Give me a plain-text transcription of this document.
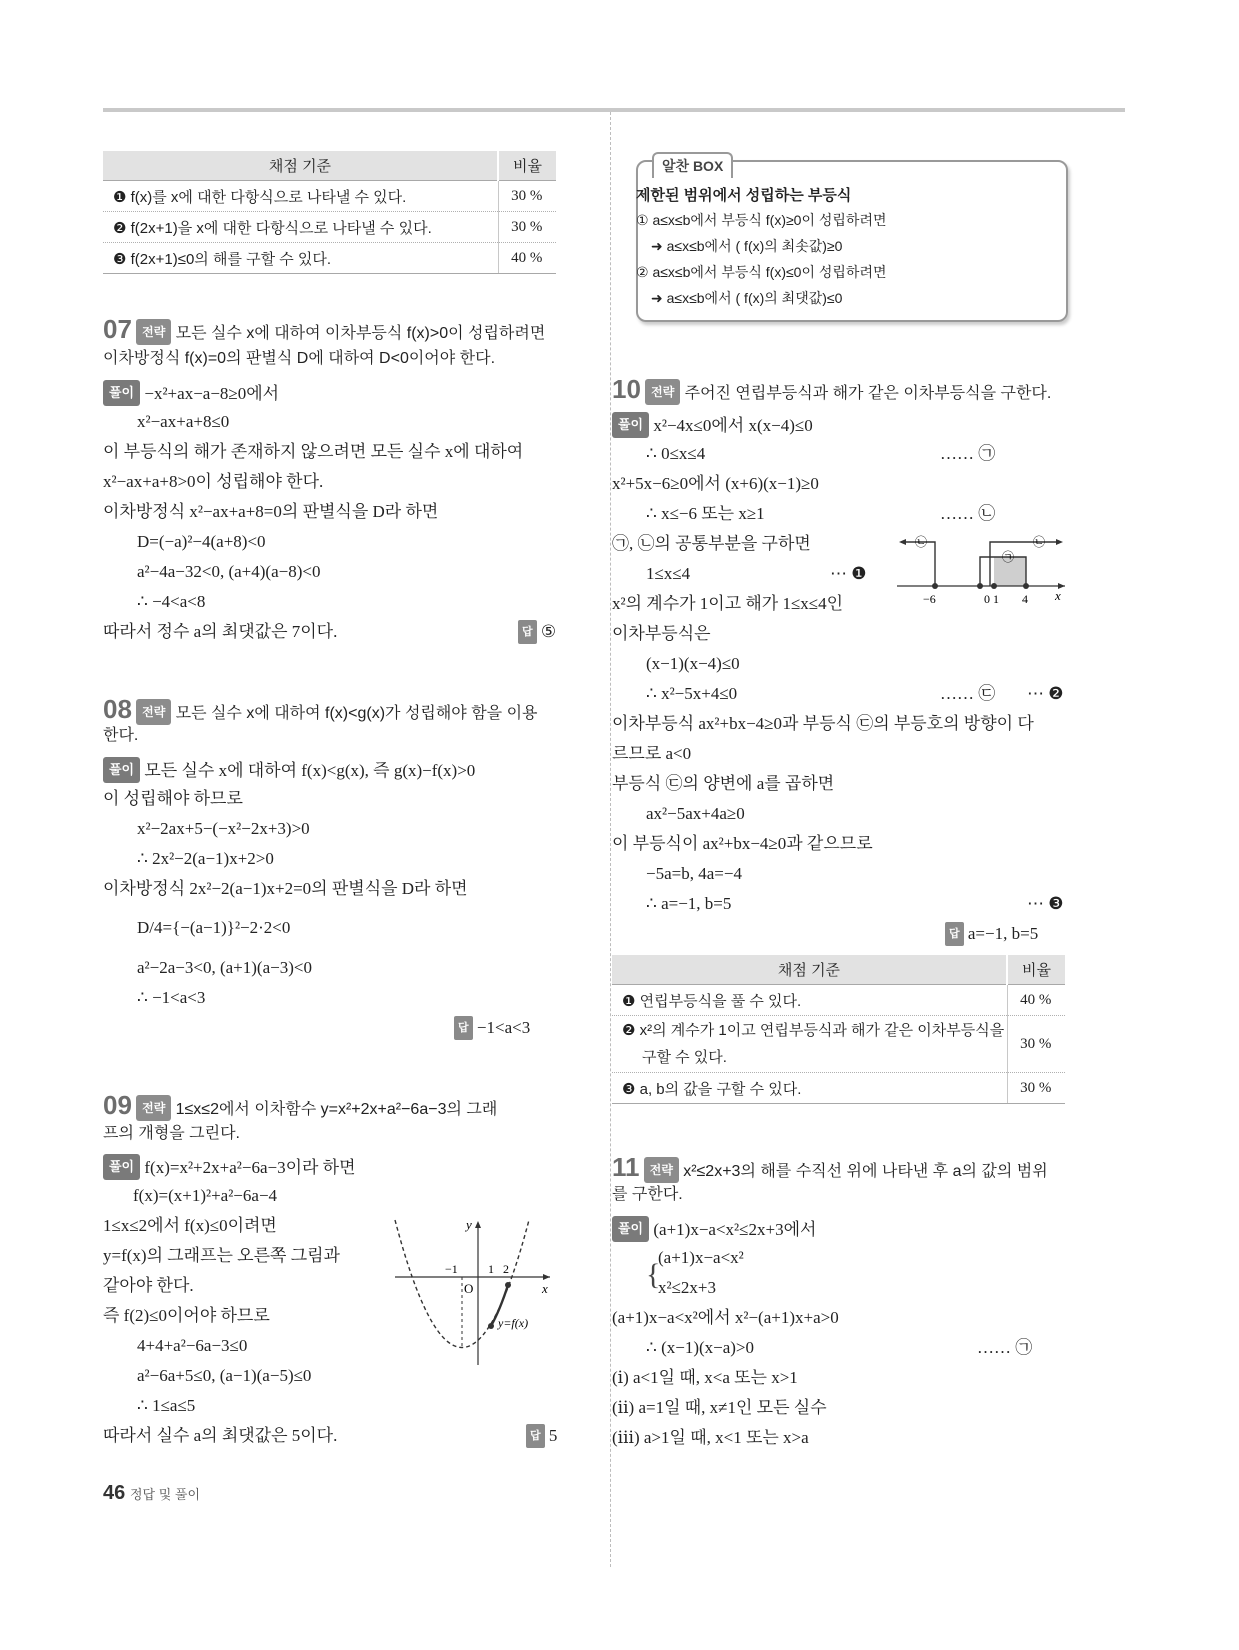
채점 기준	비율
❶ f(x)를 x에 대한 다항식으로 나타낼 수 있다.	30 %
❷ f(2x+1)을 x에 대한 다항식으로 나타낼 수 있다.	30 %
❸ f(2x+1)≤0의 해를 구할 수 있다.	40 %
07 전략 모든 실수 x에 대하여 이차부등식 f(x)>0이 성립하려면
이차방정식 f(x)=0의 판별식 D에 대하여 D<0이어야 한다.
풀이 −x²+ax−a−8≥0에서
x²−ax+a+8≤0
이 부등식의 해가 존재하지 않으려면 모든 실수 x에 대하여
x²−ax+a+8>0이 성립해야 한다.
이차방정식 x²−ax+a+8=0의 판별식을 D라 하면
D=(−a)²−4(a+8)<0
a²−4a−32<0, (a+4)(a−8)<0
∴ −4<a<8
따라서 정수 a의 최댓값은 7이다.	답 ⑤
08 전략 모든 실수 x에 대하여 f(x)<g(x)가 성립해야 함을 이용
한다.
풀이 모든 실수 x에 대하여 f(x)<g(x), 즉 g(x)−f(x)>0
이 성립해야 하므로
x²−2ax+5−(−x²−2x+3)>0
∴ 2x²−2(a−1)x+2>0
이차방정식 2x²−2(a−1)x+2=0의 판별식을 D라 하면
D/4={−(a−1)}²−2·2<0
a²−2a−3<0, (a+1)(a−3)<0
∴ −1<a<3
답 −1<a<3
09 전략 1≤x≤2에서 이차함수 y=x²+2x+a²−6a−3의 그래
프의 개형을 그린다.
풀이 f(x)=x²+2x+a²−6a−3이라 하면
f(x)=(x+1)²+a²−6a−4
1≤x≤2에서 f(x)≤0이려면
y=f(x)의 그래프는 오른쪽 그림과
같아야 한다.
즉 f(2)≤0이어야 하므로
4+4+a²−6a−3≤0
a²−6a+5≤0, (a−1)(a−5)≤0
∴ 1≤a≤5
따라서 실수 a의 최댓값은 5이다.	답 5
y
x
O
−1	1 2
y=f(x)
알찬 BOX
제한된 범위에서 성립하는 부등식
① a≤x≤b에서 부등식 f(x)≥0이 성립하려면
➜ a≤x≤b에서 ( f(x)의 최솟값)≥0
② a≤x≤b에서 부등식 f(x)≤0이 성립하려면
➜ a≤x≤b에서 ( f(x)의 최댓값)≤0
10 전략 주어진 연립부등식과 해가 같은 이차부등식을 구한다.
풀이 x²−4x≤0에서 x(x−4)≤0
∴ 0≤x≤4	…… ㉠
x²+5x−6≥0에서 (x+6)(x−1)≥0
∴ x≤−6 또는 x≥1	…… ㉡
㉠, ㉡의 공통부분을 구하면
1≤x≤4	⋯ ❶
x²의 계수가 1이고 해가 1≤x≤4인
이차부등식은
(x−1)(x−4)≤0
∴ x²−5x+4≤0	…… ㉢ ⋯ ❷
이차부등식 ax²+bx−4≥0과 부등식 ㉢의 부등호의 방향이 다
르므로 a<0
부등식 ㉢의 양변에 a를 곱하면
ax²−5ax+4a≥0
이 부등식이 ax²+bx−4≥0과 같으므로
−5a=b, 4a=−4
∴ a=−1, b=5	⋯ ❸
답 a=−1, b=5
㉡	㉡
㉠
−6	0 1 4 x
채점 기준	비율
❶ 연립부등식을 풀 수 있다.	40 %
❷ x²의 계수가 1이고 연립부등식과 해가 같은 이차부등식을
구할 수 있다.	30 %
❸ a, b의 값을 구할 수 있다.	30 %
11 전략 x²≤2x+3의 해를 수직선 위에 나타낸 후 a의 값의 범위
를 구한다.
풀이 (a+1)x−a<x²≤2x+3에서
{
(a+1)x−a<x²
x²≤2x+3
(a+1)x−a<x²에서 x²−(a+1)x+a>0
∴ (x−1)(x−a)>0	…… ㉠
(ⅰ) a<1일 때, x<a 또는 x>1
(ⅱ) a=1일 때, x≠1인 모든 실수
(ⅲ) a>1일 때, x<1 또는 x>a
46 정답 및 풀이
